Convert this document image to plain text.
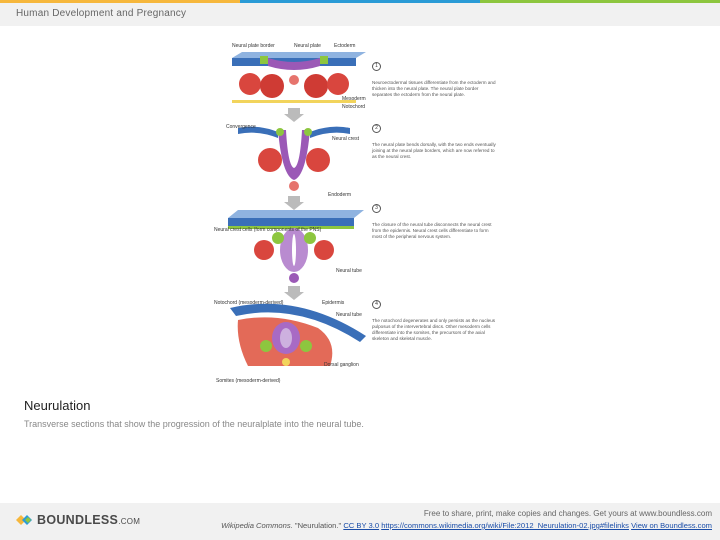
Human Development and Pregnancy
Neural plate border	Neural plate	Ectoderm
Mesoderm
Notochord
Convergence
Neural crest
Endoderm
Neural crest cells (form components of the PNS)
Neural tube
Notochord (mesoderm-derived)	Epidermis
Neural tube
Dorsal ganglion
Somites (mesoderm-derived)
1 Neuroectodermal tissues differentiate from the ectoderm and thicken into the neural plate. The neural plate border separates the ectoderm from the neural plate.
2 The neural plate bends dorsally, with the two ends eventually joining at the neural plate borders, which are now referred to as the neural crest.
3 The closure of the neural tube disconnects the neural crest from the epidermis. Neural crest cells differentiate to form most of the peripheral nervous system.
4 The notochord degenerates and only persists as the nucleus pulposus of the intervertebral discs. Other mesoderm cells differentiate into the somites, the precursors of the axial skeleton and skeletal muscle.
Neurulation
Transverse sections that show the progression of the neuralplate into the neural tube.
BOUNDLESS.COM
Free to share, print, make copies and changes. Get yours at www.boundless.com
Wikipedia Commons. "Neurulation." CC BY 3.0 https://commons.wikimedia.org/wiki/File:2012_Neurulation-02.jpg#filelinks View on Boundless.com
